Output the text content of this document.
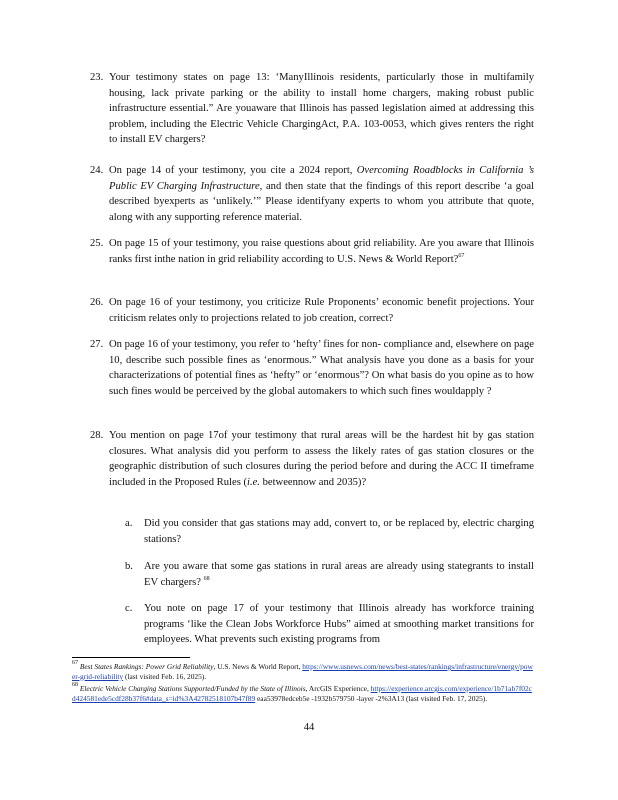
23. Your testimony states on page 13: ‘ManyIllinois residents, particularly those in multifamily housing, lack private parking or the ability to install home chargers, making robust public infrastructure essential.” Are youaware that Illinois has passed legislation aimed at addressing this problem, including the Electric Vehicle ChargingAct, P.A. 103-0053, which gives renters the right to install EV chargers?
24. On page 14 of your testimony, you cite a 2024 report, Overcoming Roadblocks in California ’s Public EV Charging Infrastructure, and then state that the findings of this report describe ‘a goal described byexperts as ‘unlikely.’” Please identifyany experts to whom you attribute that quote, along with any supporting reference material.
25. On page 15 of your testimony, you raise questions about grid reliability. Are you aware that Illinois ranks first inthe nation in grid reliability according to U.S. News & World Report?$^{67}$
26. On page 16 of your testimony, you criticize Rule Proponents’ economic benefit projections. Your criticism relates only to projections related to job creation, correct?
27. On page 16 of your testimony, you refer to ‘hefty’ fines for non- compliance and, elsewhere on page 10, describe such possible fines as ‘enormous.” What analysis have you done as a basis for your characterizations of potential fines as ‘hefty” or ‘enormous”? On what basis do you opine as to how such fines would be perceived by the global automakers to which such fines wouldapply ?
28. You mention on page 17of your testimony that rural areas will be the hardest hit by gas station closures. What analysis did you perform to assess the likely rates of gas station closures or the geographic distribution of such closures during the period before and during the ACC II timeframe included in the Proposed Rules (i.e. betweennow and 2035)?
a. Did you consider that gas stations may add, convert to, or be replaced by, electric charging stations?
b. Are you aware that some gas stations in rural areas are already using stategrants to install EV chargers? $^{68}$
c. You note on page 17 of your testimony that Illinois already has workforce training programs ‘like the Clean Jobs Workforce Hubs” aimed at smoothing market transitions for employees. What prevents such existing programs from
$^{67}$ Best States Rankings: Power Grid Reliability, U.S. News & World Report, https://www.usnews.com/news/best-states/rankings/infrastructure/energy/power-grid-reliability (last visited Feb. 16, 2025).
$^{68}$ Electric Vehicle Charging Stations Supported/Funded by the State of Illinois, ArcGIS Experience, https://experience.arcgis.com/experience/1b71ab7f02cd424581ede5cdf28b37f6#data_s=id%3A42782518107b47f89 eaa53978edceb5e -1932b579750 -layer -2%3A13 (last visited Feb. 17, 2025).
44
